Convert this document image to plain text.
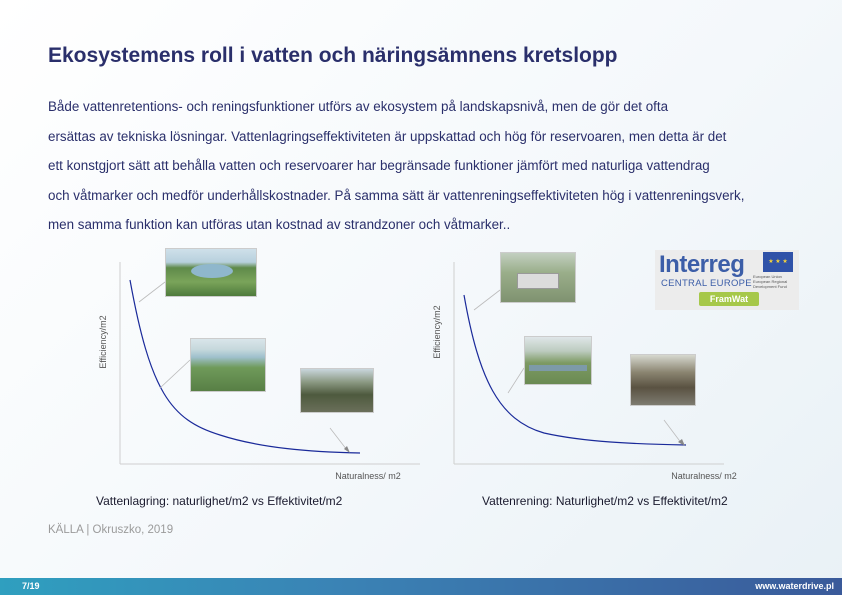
Ekosystemens roll i vatten och näringsämnens kretslopp

Både vattenretentions- och reningsfunktioner utförs av ekosystem på landskapsnivå, men de gör det ofta

ersättas av tekniska lösningar. Vattenlagringseffektiviteten är uppskattad och hög för reservoaren, men detta är det

ett konstgjort sätt att behålla vatten och reservoarer har begränsade funktioner jämfört med naturliga vattendrag

och våtmarker och medför underhållskostnader. På samma sätt är vattenreningseffektiviteten hög i vattenreningsverk,

men samma funktion kan utföras utan kostnad av strandzoner och våtmarker..

Efficiency/m2
Naturalness/ m2
Efficiency/m2
Naturalness/ m2
Interreg
CENTRAL EUROPE
★ ★ ★
European Union European Regional Development Fund
FramWat
Vattenlagring: naturlighet/m2 vs Effektivitet/m2	Vattenrening: Naturlighet/m2 vs Effektivitet/m2
KÄLLA | Okruszko, 2019
7/19	www.waterdrive.pl
